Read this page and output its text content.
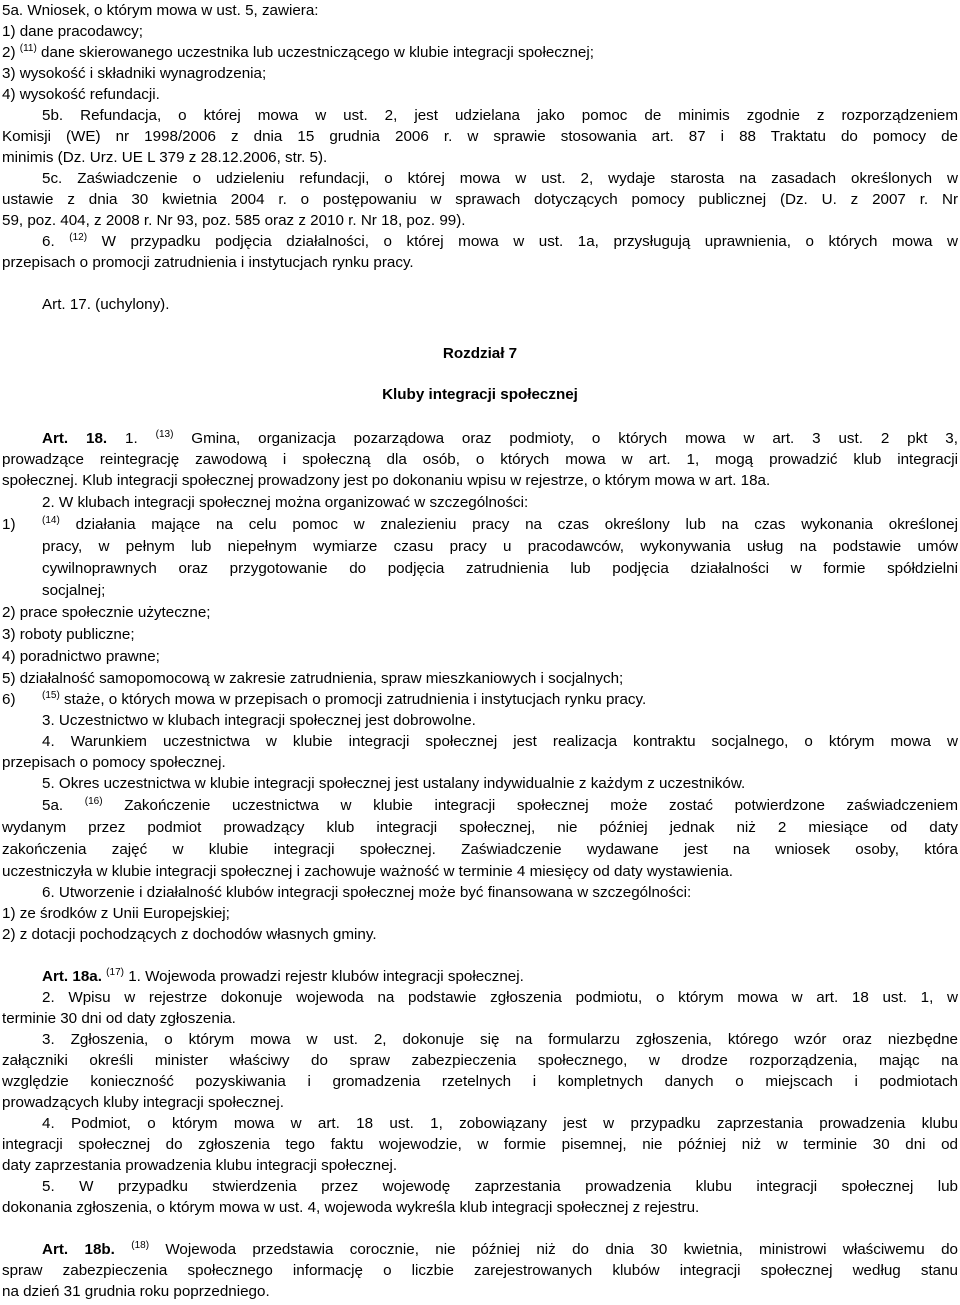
5a. Wniosek, o którym mowa w ust. 5, zawiera:
1) dane pracodawcy;
2) $^{(11)}$ dane skierowanego uczestnika lub uczestniczącego w klubie integracji społecznej;
3) wysokość i składniki wynagrodzenia;
4) wysokość refundacji.
5b. Refundacja, o której mowa w ust. 2, jest udzielana jako pomoc de minimis zgodnie z rozporządzeniem
Komisji (WE) nr 1998/2006 z dnia 15 grudnia 2006 r. w sprawie stosowania art. 87 i 88 Traktatu do pomocy de
minimis (Dz. Urz. UE L 379 z 28.12.2006, str. 5).
5c. Zaświadczenie o udzieleniu refundacji, o której mowa w ust. 2, wydaje starosta na zasadach określonych w
ustawie z dnia 30 kwietnia 2004 r. o postępowaniu w sprawach dotyczących pomocy publicznej (Dz. U. z 2007 r. Nr
59, poz. 404, z 2008 r. Nr 93, poz. 585 oraz z 2010 r. Nr 18, poz. 99).
6. $^{(12)}$ W przypadku podjęcia działalności, o której mowa w ust. 1a, przysługują uprawnienia, o których mowa w
przepisach o promocji zatrudnienia i instytucjach rynku pracy.
Art. 17. (uchylony).
Rozdział 7
Kluby integracji społecznej
Art. 18. 1. $^{(13)}$ Gmina, organizacja pozarządowa oraz podmioty, o których mowa w art. 3 ust. 2 pkt 3,
prowadzące reintegrację zawodową i społeczną dla osób, o których mowa w art. 1, mogą prowadzić klub integracji
społecznej. Klub integracji społecznej prowadzony jest po dokonaniu wpisu w rejestrze, o którym mowa w art. 18a.
2. W klubach integracji społecznej można organizować w szczególności:
1)	$^{(14)}$ działania mające na celu pomoc w znalezieniu pracy na czas określony lub na czas wykonania określonej
pracy, w pełnym lub niepełnym wymiarze czasu pracy u pracodawców, wykonywania usług na podstawie umów
cywilnoprawnych oraz przygotowanie do podjęcia zatrudnienia lub podjęcia działalności w formie spółdzielni
socjalnej;
2) prace społecznie użyteczne;
3) roboty publiczne;
4) poradnictwo prawne;
5) działalność samopomocową w zakresie zatrudnienia, spraw mieszkaniowych i socjalnych;
6)	$^{(15)}$ staże, o których mowa w przepisach o promocji zatrudnienia i instytucjach rynku pracy.
3. Uczestnictwo w klubach integracji społecznej jest dobrowolne.
4. Warunkiem uczestnictwa w klubie integracji społecznej jest realizacja kontraktu socjalnego, o którym mowa w
przepisach o pomocy społecznej.
5. Okres uczestnictwa w klubie integracji społecznej jest ustalany indywidualnie z każdym z uczestników.
5a. $^{(16)}$ Zakończenie uczestnictwa w klubie integracji społecznej może zostać potwierdzone zaświadczeniem
wydanym przez podmiot prowadzący klub integracji społecznej, nie później jednak niż 2 miesiące od daty
zakończenia zajęć w klubie integracji społecznej. Zaświadczenie wydawane jest na wniosek osoby, która
uczestniczyła w klubie integracji społecznej i zachowuje ważność w terminie 4 miesięcy od daty wystawienia.
6. Utworzenie i działalność klubów integracji społecznej może być finansowana w szczególności:
1) ze środków z Unii Europejskiej;
2) z dotacji pochodzących z dochodów własnych gminy.
Art. 18a. $^{(17)}$ 1. Wojewoda prowadzi rejestr klubów integracji społecznej.
2. Wpisu w rejestrze dokonuje wojewoda na podstawie zgłoszenia podmiotu, o którym mowa w art. 18 ust. 1, w
terminie 30 dni od daty zgłoszenia.
3. Zgłoszenia, o którym mowa w ust. 2, dokonuje się na formularzu zgłoszenia, którego wzór oraz niezbędne
załączniki określi minister właściwy do spraw zabezpieczenia społecznego, w drodze rozporządzenia, mając na
względzie konieczność pozyskiwania i gromadzenia rzetelnych i kompletnych danych o miejscach i podmiotach
prowadzących kluby integracji społecznej.
4. Podmiot, o którym mowa w art. 18 ust. 1, zobowiązany jest w przypadku zaprzestania prowadzenia klubu
integracji społecznej do zgłoszenia tego faktu wojewodzie, w formie pisemnej, nie później niż w terminie 30 dni od
daty zaprzestania prowadzenia klubu integracji społecznej.
5. W przypadku stwierdzenia przez wojewodę zaprzestania prowadzenia klubu integracji społecznej lub
dokonania zgłoszenia, o którym mowa w ust. 4, wojewoda wykreśla klub integracji społecznej z rejestru.
Art. 18b. $^{(18)}$ Wojewoda przedstawia corocznie, nie później niż do dnia 30 kwietnia, ministrowi właściwemu do
spraw zabezpieczenia społecznego informację o liczbie zarejestrowanych klubów integracji społecznej według stanu
na dzień 31 grudnia roku poprzedniego.
